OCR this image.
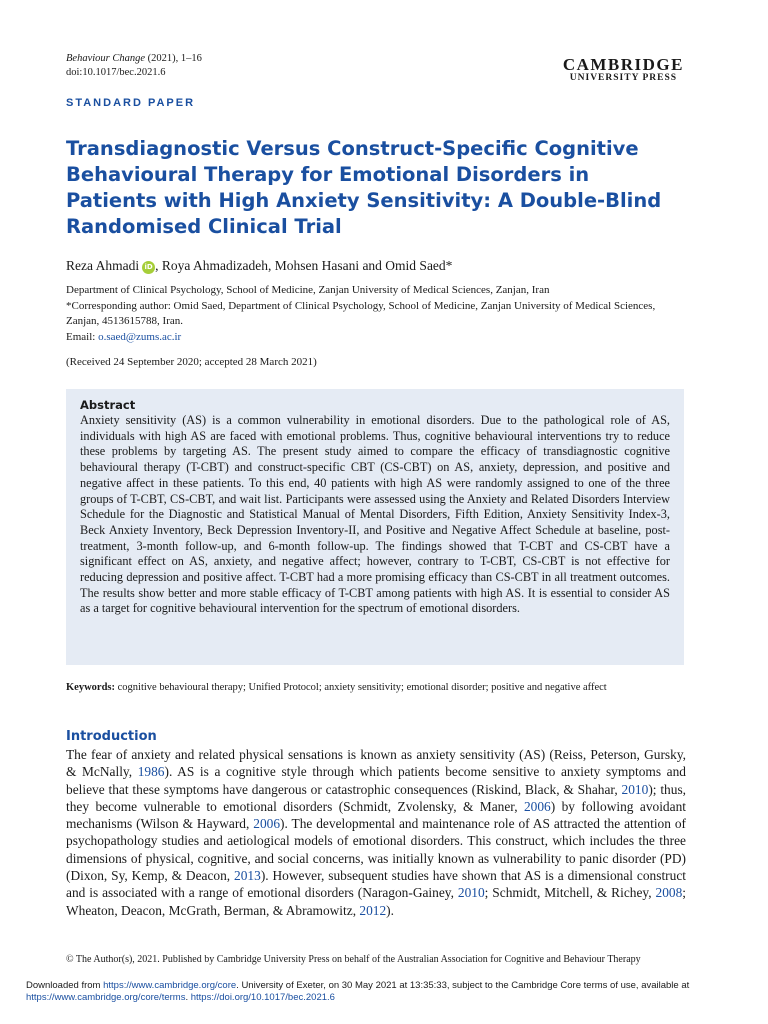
Behaviour Change (2021), 1–16
doi:10.1017/bec.2021.6	CAMBRIDGE
UNIVERSITY PRESS
STANDARD PAPER
Transdiagnostic Versus Construct-Specific Cognitive Behavioural Therapy for Emotional Disorders in Patients with High Anxiety Sensitivity: A Double-Blind Randomised Clinical Trial
Reza Ahmadi iD , Roya Ahmadizadeh, Mohsen Hasani and Omid Saed*
Department of Clinical Psychology, School of Medicine, Zanjan University of Medical Sciences, Zanjan, Iran
*Corresponding author: Omid Saed, Department of Clinical Psychology, School of Medicine, Zanjan University of Medical Sciences, Zanjan, 4513615788, Iran.
Email: o.saed@zums.ac.ir
(Received 24 September 2020; accepted 28 March 2021)
Abstract

Anxiety sensitivity (AS) is a common vulnerability in emotional disorders. Due to the pathological role of AS, individuals with high AS are faced with emotional problems. Thus, cognitive behavioural interventions try to reduce these problems by targeting AS. The present study aimed to compare the efficacy of transdiagnostic cognitive behavioural therapy (T-CBT) and construct-specific CBT (CS-CBT) on AS, anxiety, depression, and positive and negative affect in these patients. To this end, 40 patients with high AS were randomly assigned to one of the three groups of T-CBT, CS-CBT, and wait list. Participants were assessed using the Anxiety and Related Disorders Interview Schedule for the Diagnostic and Statistical Manual of Mental Disorders, Fifth Edition, Anxiety Sensitivity Index-3, Beck Anxiety Inventory, Beck Depression Inventory-II, and Positive and Negative Affect Schedule at baseline, post-treatment, 3-month follow-up, and 6-month follow-up. The findings showed that T-CBT and CS-CBT have a significant effect on AS, anxiety, and negative affect; however, contrary to T-CBT, CS-CBT is not effective for reducing depression and positive affect. T-CBT had a more promising efficacy than CS-CBT in all treatment outcomes. The results show better and more stable efficacy of T-CBT among patients with high AS. It is essential to consider AS as a target for cognitive behavioural intervention for the spectrum of emotional disorders.

Keywords: cognitive behavioural therapy; Unified Protocol; anxiety sensitivity; emotional disorder; positive and negative affect
Introduction

The fear of anxiety and related physical sensations is known as anxiety sensitivity (AS) (Reiss, Peterson, Gursky, & McNally, 1986). AS is a cognitive style through which patients become sensitive to anxiety symptoms and believe that these symptoms have dangerous or catastrophic consequences (Riskind, Black, & Shahar, 2010); thus, they become vulnerable to emotional disorders (Schmidt, Zvolensky, & Maner, 2006) by following avoidant mechanisms (Wilson & Hayward, 2006). The developmental and maintenance role of AS attracted the attention of psychopathology studies and aetiological models of emotional disorders. This construct, which includes the three dimensions of physical, cognitive, and social concerns, was initially known as vulnerability to panic disorder (PD) (Dixon, Sy, Kemp, & Deacon, 2013). However, subsequent studies have shown that AS is a dimensional construct and is associated with a range of emotional disorders (Naragon-Gainey, 2010; Schmidt, Mitchell, & Richey, 2008; Wheaton, Deacon, McGrath, Berman, & Abramowitz, 2012).

© The Author(s), 2021. Published by Cambridge University Press on behalf of the Australian Association for Cognitive and Behaviour Therapy
Downloaded from https://www.cambridge.org/core. University of Exeter, on 30 May 2021 at 13:35:33, subject to the Cambridge Core terms of use, available at
https://www.cambridge.org/core/terms. https://doi.org/10.1017/bec.2021.6
